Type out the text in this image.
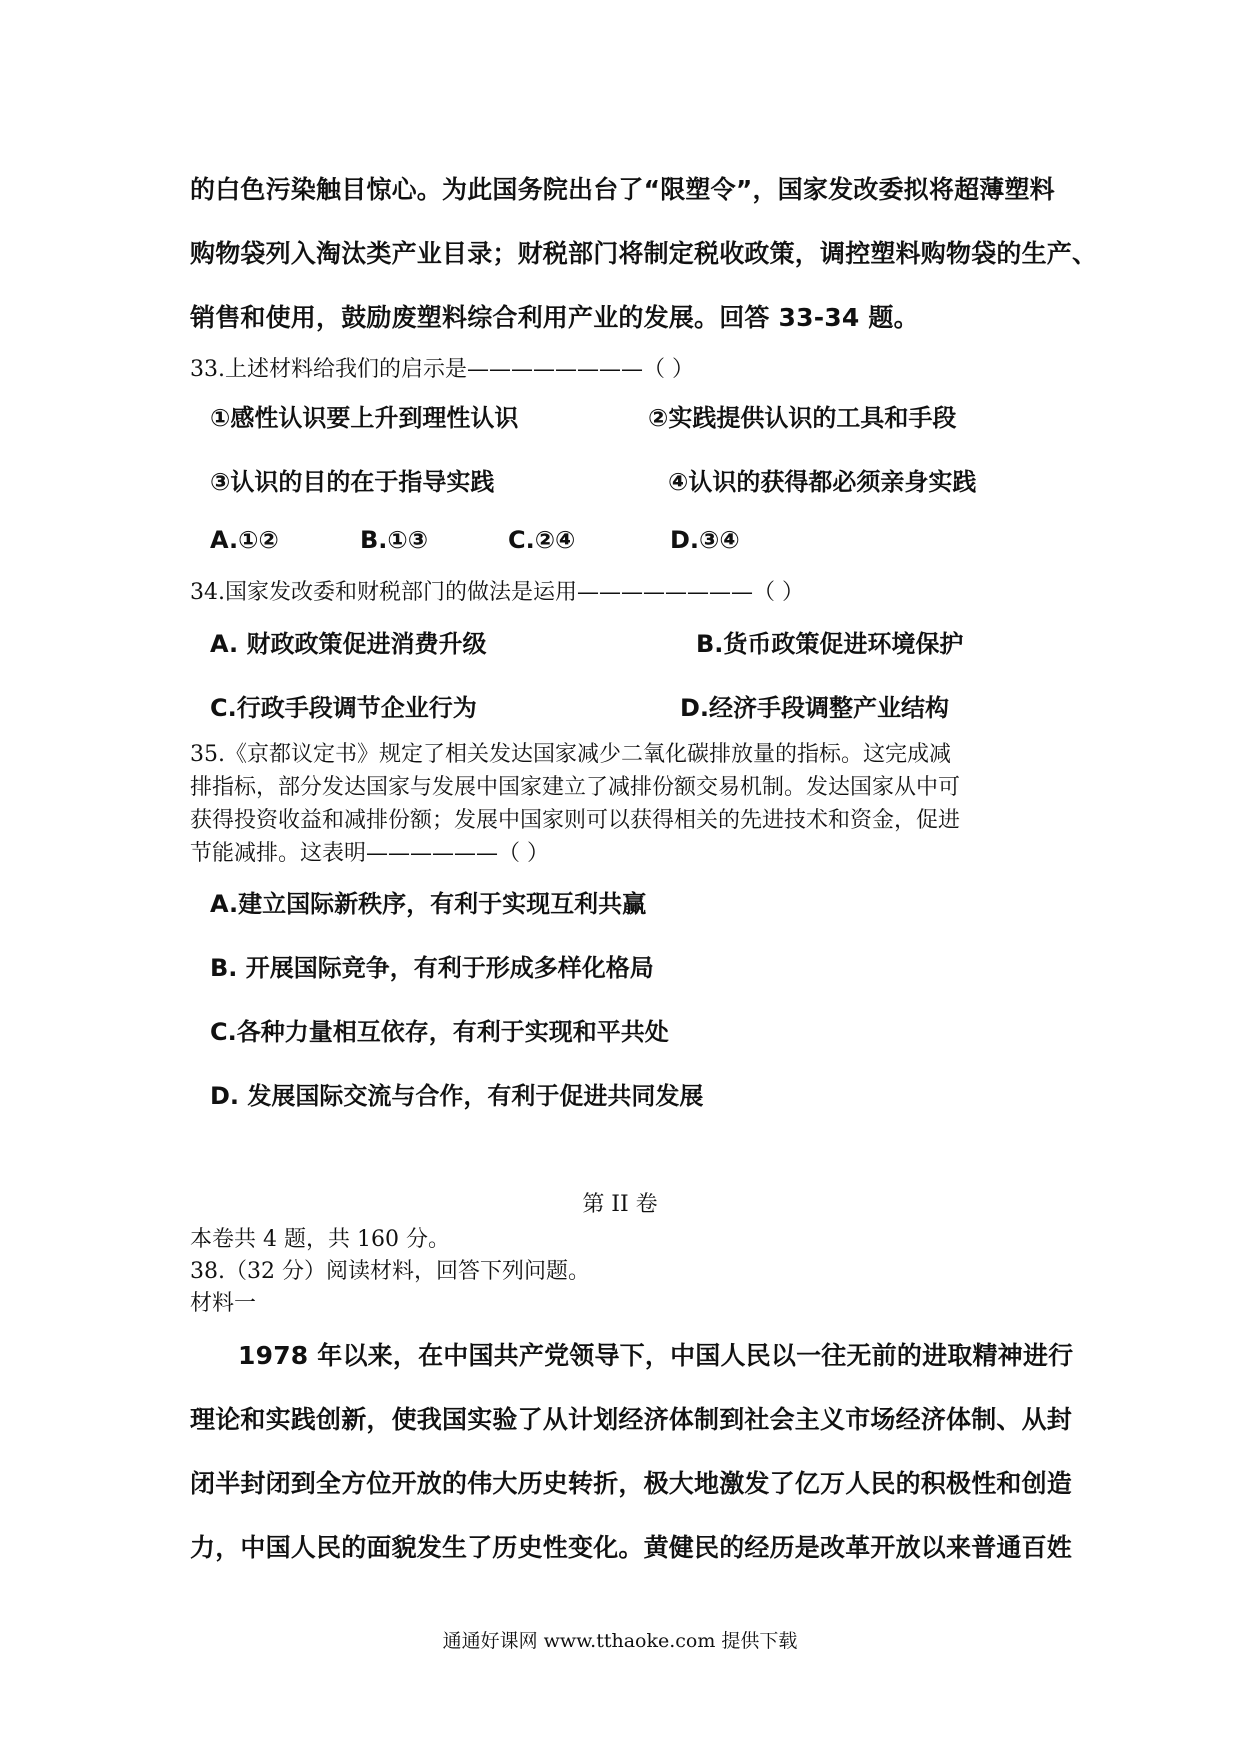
的白色污染触目惊心。为此国务院出台了“限塑令”，国家发改委拟将超薄塑料
购物袋列入淘汰类产业目录；财税部门将制定税收政策，调控塑料购物袋的生产、
销售和使用，鼓励废塑料综合利用产业的发展。回答 33-34 题。
33.上述材料给我们的启示是————————（ ）
①感性认识要上升到理性认识	②实践提供认识的工具和手段
③认识的目的在于指导实践	④认识的获得都必须亲身实践
A.①②	B.①③	C.②④	D.③④
34.国家发改委和财税部门的做法是运用————————（ ）
A. 财政政策促进消费升级	B.货币政策促进环境保护
C.行政手段调节企业行为	D.经济手段调整产业结构
35.《京都议定书》规定了相关发达国家减少二氧化碳排放量的指标。这完成减
排指标，部分发达国家与发展中国家建立了减排份额交易机制。发达国家从中可
获得投资收益和减排份额；发展中国家则可以获得相关的先进技术和资金，促进
节能减排。这表明——————（ ）
A.建立国际新秩序，有利于实现互利共赢
B. 开展国际竞争，有利于形成多样化格局
C.各种力量相互依存，有利于实现和平共处
D. 发展国际交流与合作，有利于促进共同发展
第 II 卷
本卷共 4 题，共 160 分。
38.（32 分）阅读材料，回答下列问题。
材料一
1978 年以来，在中国共产党领导下，中国人民以一往无前的进取精神进行
理论和实践创新，使我国实验了从计划经济体制到社会主义市场经济体制、从封
闭半封闭到全方位开放的伟大历史转折，极大地激发了亿万人民的积极性和创造
力，中国人民的面貌发生了历史性变化。黄健民的经历是改革开放以来普通百姓
通通好课网 www.tthaoke.com 提供下载
